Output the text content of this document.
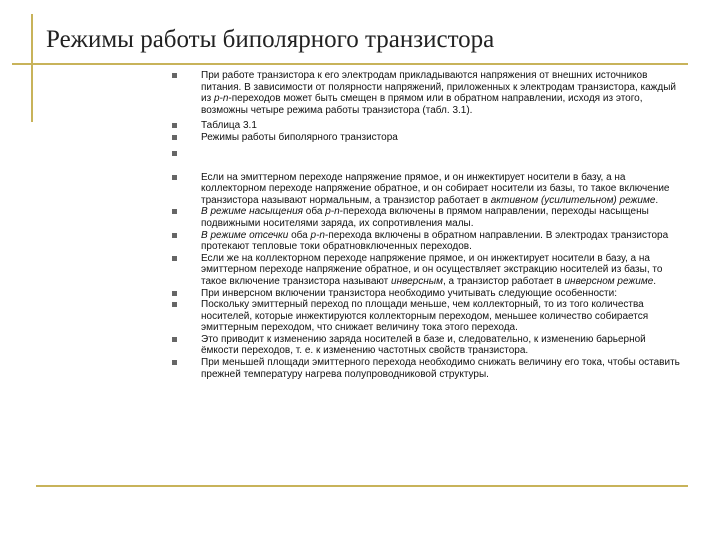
Режимы работы биполярного транзистора
При работе транзистора к его электродам прикладываются напряжения от внешних источников питания. В зависимости от полярности напряжений, приложенных к электродам транзистора, каждый из p-n-переходов может быть смещен в прямом или в обратном направлении, исходя из этого, возможны четыре режима работы транзистора (табл. 3.1).
Таблица 3.1
Режимы работы биполярного транзистора
Если на эмиттерном переходе напряжение прямое, и он инжектирует носители в базу, а на коллекторном переходе напряжение обратное, и он собирает носители из базы, то такое включение транзистора называют нормальным, а транзистор работает в активном (усилительном) режиме.
В режиме насыщения оба p-n-перехода включены в прямом направлении, переходы насыщены подвижными носителями заряда, их сопротивления малы.
В режиме отсечки оба p-n-перехода включены в обратном направлении. В электродах транзистора протекают тепловые токи обратновключенных переходов.
Если же на коллекторном переходе напряжение прямое, и он инжектирует носители в базу, а на эмиттерном переходе напряжение обратное, и он осуществляет экстракцию носителей из базы, то такое включение транзистора называют инверсным, а транзистор работает в инверсном режиме.
При инверсном включении транзистора необходимо учитывать следующие особенности:
Поскольку эмиттерный переход по площади меньше, чем коллекторный, то из того количества носителей, которые инжектируются коллекторным переходом, меньшее количество собирается эмиттерным переходом, что снижает величину тока этого перехода.
Это приводит к изменению заряда носителей в базе и, следовательно, к изменению барьерной ёмкости переходов, т. е. к изменению частотных свойств транзистора.
При меньшей площади эмиттерного перехода необходимо снижать величину его тока, чтобы оставить прежней температуру нагрева полупроводниковой структуры.
